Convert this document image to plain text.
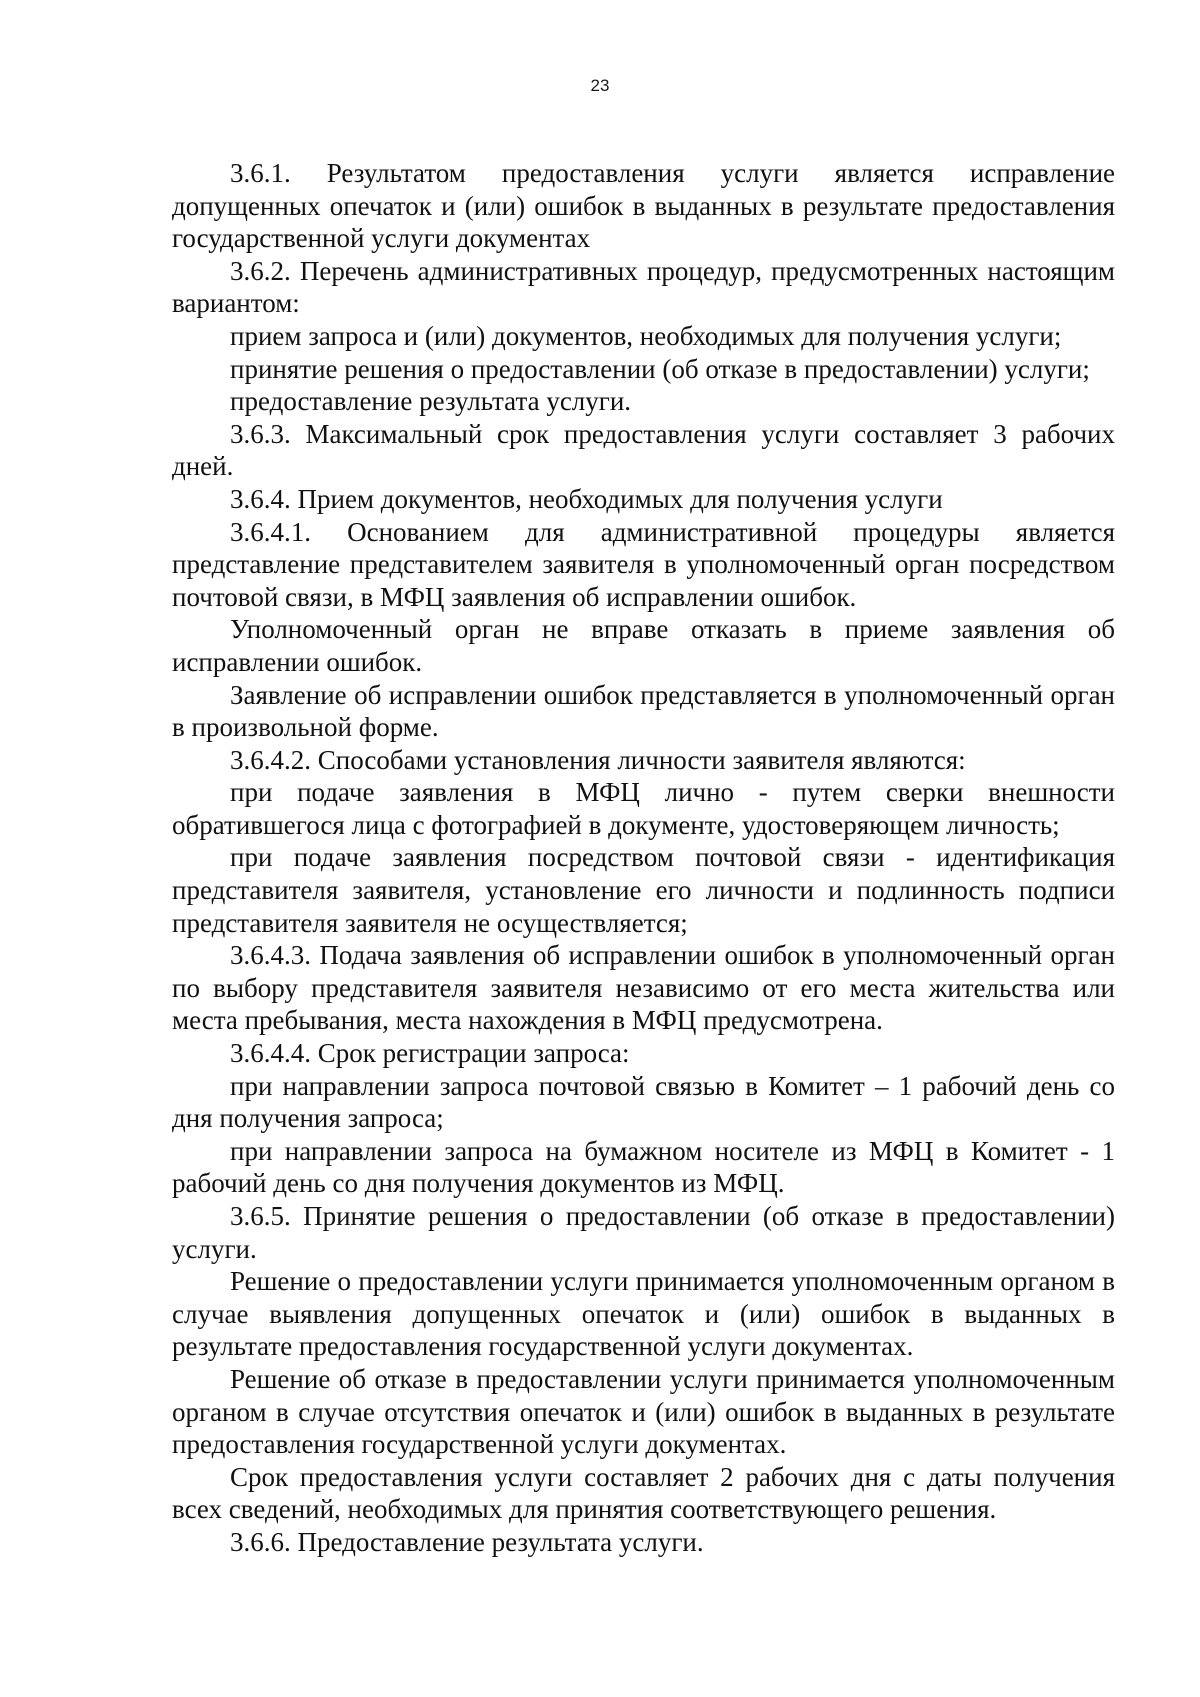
23

3.6.1. Результатом предоставления услуги является исправление допущенных опечаток и (или) ошибок в выданных в результате предоставления государственной услуги документах

3.6.2. Перечень административных процедур, предусмотренных настоящим вариантом:

прием запроса и (или) документов, необходимых для получения услуги;

принятие решения о предоставлении (об отказе в предоставлении) услуги;

предоставление результата услуги.

3.6.3. Максимальный срок предоставления услуги составляет 3 рабочих дней.

3.6.4. Прием документов, необходимых для получения услуги

3.6.4.1. Основанием для административной процедуры является представление представителем заявителя в уполномоченный орган посредством почтовой связи, в МФЦ заявления об исправлении ошибок.

Уполномоченный орган не вправе отказать в приеме заявления об исправлении ошибок.

Заявление об исправлении ошибок представляется в уполномоченный орган в произвольной форме.

3.6.4.2. Способами установления личности заявителя являются:

при подаче заявления в МФЦ лично - путем сверки внешности обратившегося лица с фотографией в документе, удостоверяющем личность;

при подаче заявления посредством почтовой связи - идентификация представителя заявителя, установление его личности и подлинность подписи представителя заявителя не осуществляется;

3.6.4.3. Подача заявления об исправлении ошибок в уполномоченный орган по выбору представителя заявителя независимо от его места жительства или места пребывания, места нахождения в МФЦ предусмотрена.

3.6.4.4. Срок регистрации запроса:

при направлении запроса почтовой связью в Комитет – 1 рабочий день со дня получения запроса;

при направлении запроса на бумажном носителе из МФЦ в Комитет - 1 рабочий день со дня получения документов из МФЦ.

3.6.5. Принятие решения о предоставлении (об отказе в предоставлении) услуги.

Решение о предоставлении услуги принимается уполномоченным органом в случае выявления допущенных опечаток и (или) ошибок в выданных в результате предоставления государственной услуги документах.

Решение об отказе в предоставлении услуги принимается уполномоченным органом в случае отсутствия опечаток и (или) ошибок в выданных в результате предоставления государственной услуги документах.

Срок предоставления услуги составляет 2 рабочих дня с даты получения всех сведений, необходимых для принятия соответствующего решения.

3.6.6. Предоставление результата услуги.
